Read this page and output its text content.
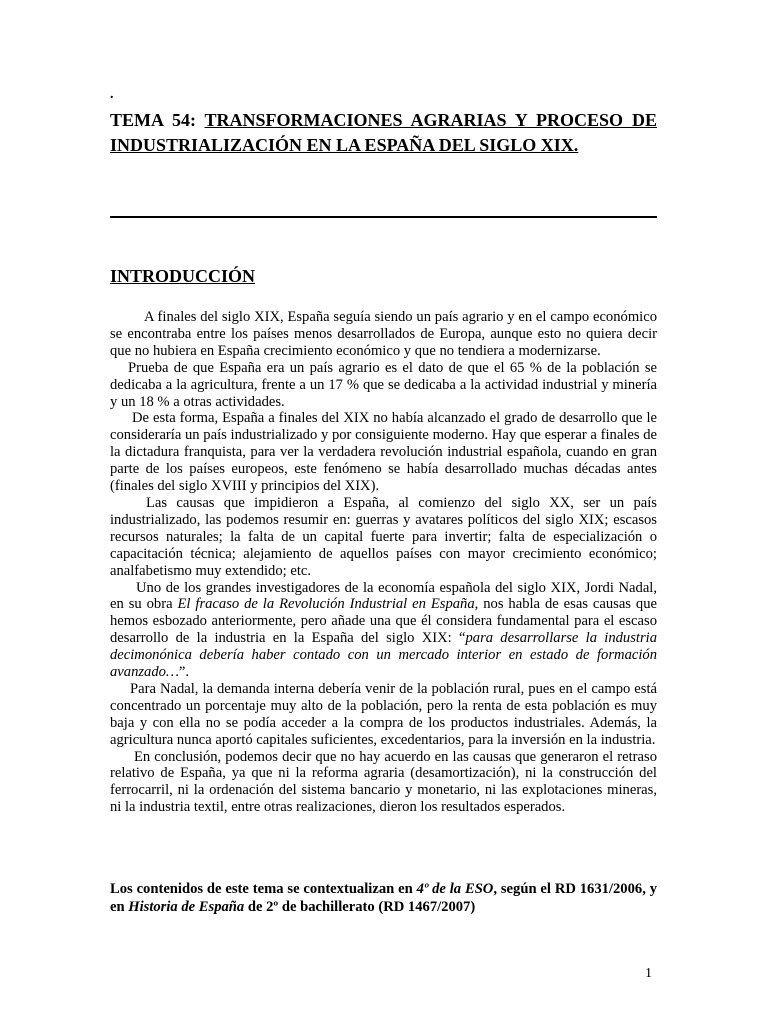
.
TEMA 54: TRANSFORMACIONES AGRARIAS Y PROCESO DE INDUSTRIALIZACIÓN EN LA ESPAÑA DEL SIGLO XIX.
INTRODUCCIÓN

A finales del siglo XIX, España seguía siendo un país agrario y en el campo económico se encontraba entre los países menos desarrollados de Europa, aunque esto no quiera decir que no hubiera en España crecimiento económico y que no tendiera a modernizarse.

Prueba de que España era un país agrario es el dato de que el 65 % de la población se dedicaba a la agricultura, frente a un 17 % que se dedicaba a la actividad industrial y minería y un 18 % a otras actividades.

De esta forma, España a finales del XIX no había alcanzado el grado de desarrollo que le consideraría un país industrializado y por consiguiente moderno. Hay que esperar a finales de la dictadura franquista, para ver la verdadera revolución industrial española, cuando en gran parte de los países europeos, este fenómeno se había desarrollado muchas décadas antes (finales del siglo XVIII y principios del XIX).

Las causas que impidieron a España, al comienzo del siglo XX, ser un país industrializado, las podemos resumir en: guerras y avatares políticos del siglo XIX; escasos recursos naturales; la falta de un capital fuerte para invertir; falta de especialización o capacitación técnica; alejamiento de aquellos países con mayor crecimiento económico; analfabetismo muy extendido; etc.

Uno de los grandes investigadores de la economía española del siglo XIX, Jordi Nadal, en su obra El fracaso de la Revolución Industrial en España, nos habla de esas causas que hemos esbozado anteriormente, pero añade una que él considera fundamental para el escaso desarrollo de la industria en la España del siglo XIX: “para desarrollarse la industria decimonónica debería haber contado con un mercado interior en estado de formación avanzado…”.

Para Nadal, la demanda interna debería venir de la población rural, pues en el campo está concentrado un porcentaje muy alto de la población, pero la renta de esta población es muy baja y con ella no se podía acceder a la compra de los productos industriales. Además, la agricultura nunca aportó capitales suficientes, excedentarios, para la inversión en la industria.

En conclusión, podemos decir que no hay acuerdo en las causas que generaron el retraso relativo de España, ya que ni la reforma agraria (desamortización), ni la construcción del ferrocarril, ni la ordenación del sistema bancario y monetario, ni las explotaciones mineras, ni la industria textil, entre otras realizaciones, dieron los resultados esperados.

Los contenidos de este tema se contextualizan en 4º de la ESO, según el RD 1631/2006, y en Historia de España de 2º de bachillerato (RD 1467/2007)

1
